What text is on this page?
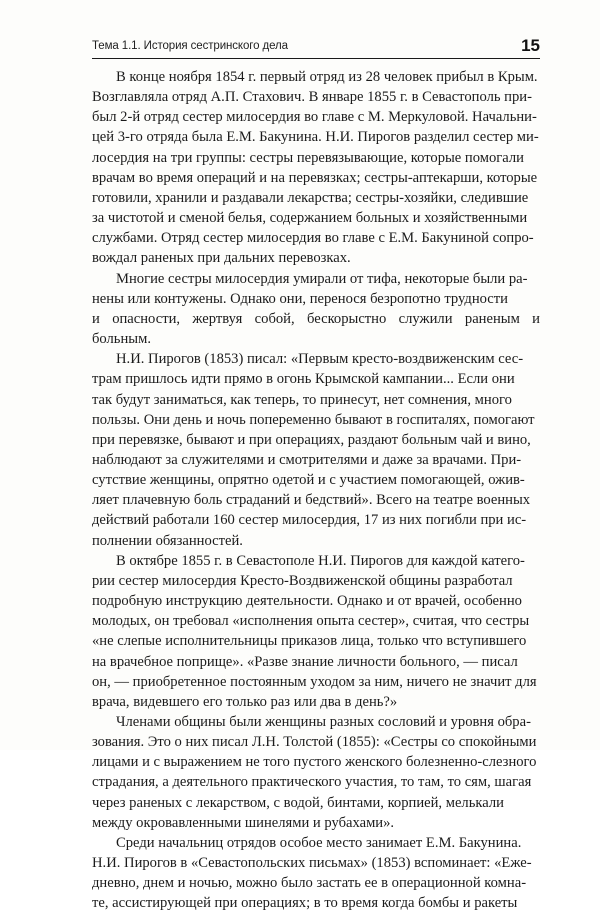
Тема 1.1. История сестринского дела	15

В конце ноября 1854 г. первый отряд из 28 человек прибыл в Крым.
Возглавляла отряд А.П. Стахович. В январе 1855 г. в Севастополь при-
был 2-й отряд сестер милосердия во главе с М. Меркуловой. Начальни-
цей 3-го отряда была Е.М. Бакунина. Н.И. Пирогов разделил сестер ми-
лосердия на три группы: сестры перевязывающие, которые помогали
врачам во время операций и на перевязках; сестры-аптекарши, которые
готовили, хранили и раздавали лекарства; сестры-хозяйки, следившие
за чистотой и сменой белья, содержанием больных и хозяйственными
службами. Отряд сестер милосердия во главе с Е.М. Бакуниной сопро-
вождал раненых при дальних перевозках.

Многие сестры милосердия умирали от тифа, некоторые были ра-
нены или контужены. Однако они, перенося безропотно трудности
и опасности, жертвуя собой, бескорыстно служили раненым и больным.

Н.И. Пирогов (1853) писал: «Первым кресто-воздвиженским сес-
трам пришлось идти прямо в огонь Крымской кампании... Если они
так будут заниматься, как теперь, то принесут, нет сомнения, много
пользы. Они день и ночь попеременно бывают в госпиталях, помогают
при перевязке, бывают и при операциях, раздают больным чай и вино,
наблюдают за служителями и смотрителями и даже за врачами. При-
сутствие женщины, опрятно одетой и с участием помогающей, ожив-
ляет плачевную боль страданий и бедствий». Всего на театре военных
действий работали 160 сестер милосердия, 17 из них погибли при ис-
полнении обязанностей.

В октябре 1855 г. в Севастополе Н.И. Пирогов для каждой катего-
рии сестер милосердия Кресто-Воздвиженской общины разработал
подробную инструкцию деятельности. Однако и от врачей, особенно
молодых, он требовал «исполнения опыта сестер», считая, что сестры
«не слепые исполнительницы приказов лица, только что вступившего
на врачебное поприще». «Разве знание личности больного, — писал
он, — приобретенное постоянным уходом за ним, ничего не значит для
врача, видевшего его только раз или два в день?»

Членами общины были женщины разных сословий и уровня обра-
зования. Это о них писал Л.Н. Толстой (1855): «Сестры со спокойными
лицами и с выражением не того пустого женского болезненно-слезного
страдания, а деятельного практического участия, то там, то сям, шагая
через раненых с лекарством, с водой, бинтами, корпией, мелькали
между окровавленными шинелями и рубахами».

Среди начальниц отрядов особое место занимает Е.М. Бакунина.
Н.И. Пирогов в «Севастопольских письмах» (1853) вспоминает: «Еже-
дневно, днем и ночью, можно было застать ее в операционной комна-
те, ассистирующей при операциях; в то время когда бомбы и ракеты
